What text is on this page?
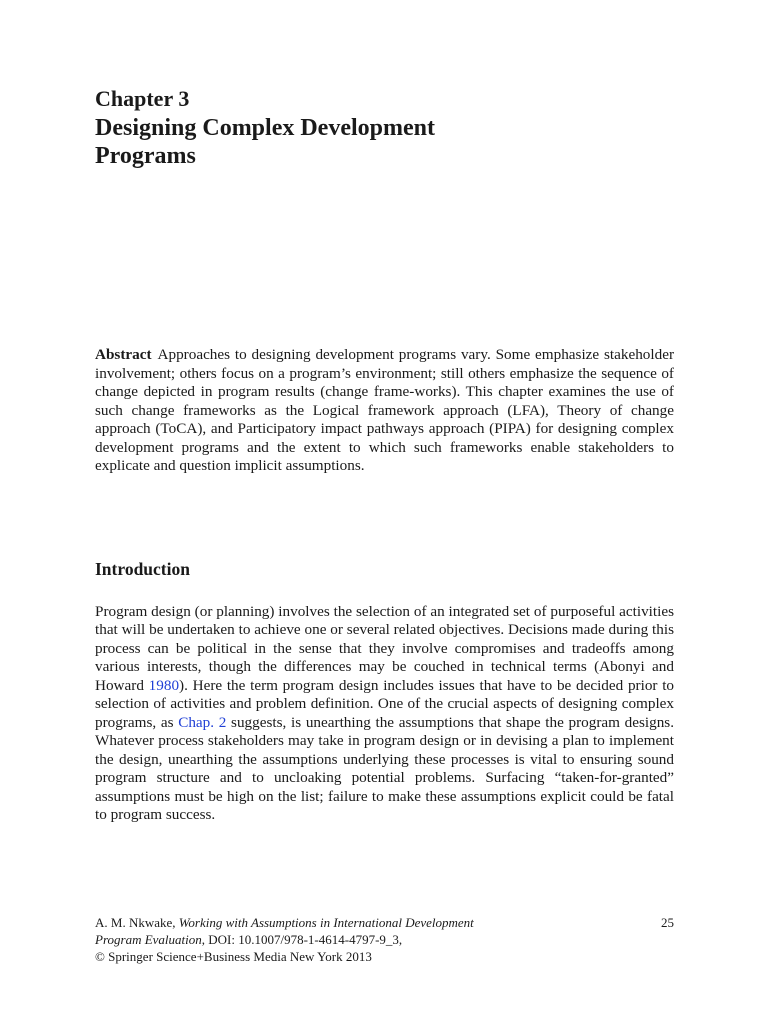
Chapter 3
Designing Complex Development
Programs
Abstract Approaches to designing development programs vary. Some emphasize stakeholder involvement; others focus on a program’s environment; still others emphasize the sequence of change depicted in program results (change frame-works). This chapter examines the use of such change frameworks as the Logical framework approach (LFA), Theory of change approach (ToCA), and Participatory impact pathways approach (PIPA) for designing complex development programs and the extent to which such frameworks enable stakeholders to explicate and question implicit assumptions.
Introduction
Program design (or planning) involves the selection of an integrated set of purposeful activities that will be undertaken to achieve one or several related objectives. Decisions made during this process can be political in the sense that they involve compromises and tradeoffs among various interests, though the differences may be couched in technical terms (Abonyi and Howard 1980). Here the term program design includes issues that have to be decided prior to selection of activities and problem definition. One of the crucial aspects of designing complex programs, as Chap. 2 suggests, is unearthing the assumptions that shape the program designs. Whatever process stakeholders may take in program design or in devising a plan to implement the design, unearthing the assumptions underlying these processes is vital to ensuring sound program structure and to uncloaking potential problems. Surfacing “taken-for-granted” assumptions must be high on the list; failure to make these assumptions explicit could be fatal to program success.
A. M. Nkwake, Working with Assumptions in International Development
Program Evaluation, DOI: 10.1007/978-1-4614-4797-9_3,
© Springer Science+Business Media New York 2013
25
